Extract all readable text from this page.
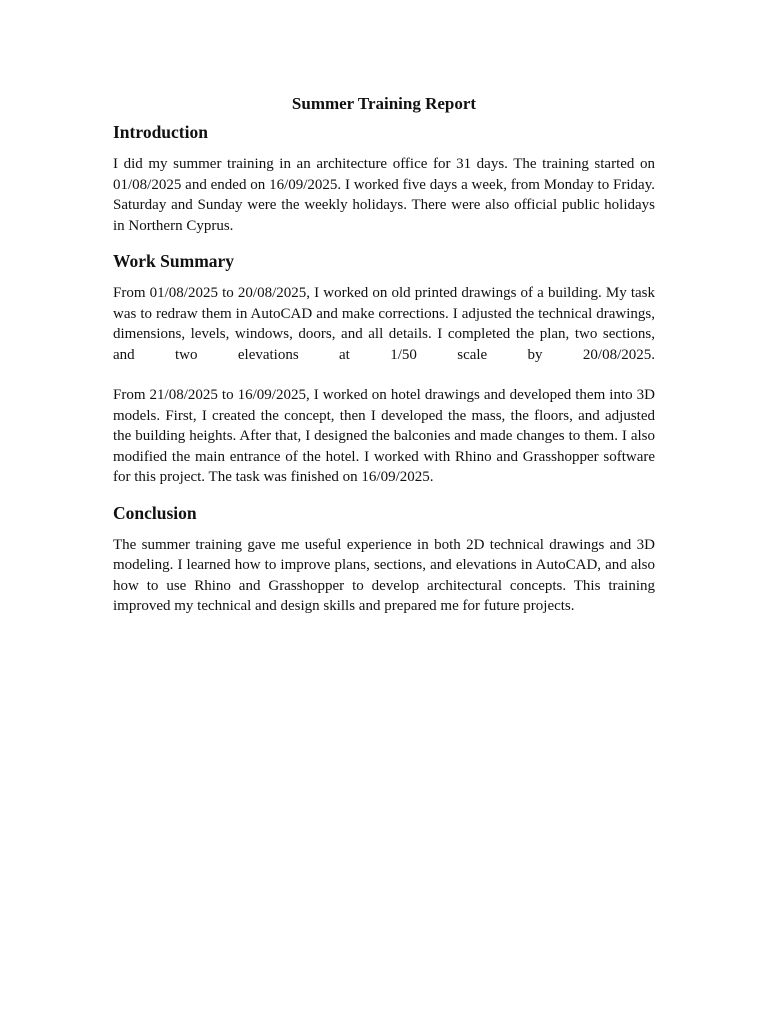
Summer Training Report
Introduction

I did my summer training in an architecture office for 31 days. The training started on 01/08/2025 and ended on 16/09/2025. I worked five days a week, from Monday to Friday. Saturday and Sunday were the weekly holidays. There were also official public holidays in Northern Cyprus.

Work Summary

From 01/08/2025 to 20/08/2025, I worked on old printed drawings of a building. My task was to redraw them in AutoCAD and make corrections. I adjusted the technical drawings, dimensions, levels, windows, doors, and all details. I completed the plan, two sections, and two elevations at 1/50 scale by 20/08/2025.

From 21/08/2025 to 16/09/2025, I worked on hotel drawings and developed them into 3D models. First, I created the concept, then I developed the mass, the floors, and adjusted the building heights. After that, I designed the balconies and made changes to them. I also modified the main entrance of the hotel. I worked with Rhino and Grasshopper software for this project. The task was finished on 16/09/2025.

Conclusion

The summer training gave me useful experience in both 2D technical drawings and 3D modeling. I learned how to improve plans, sections, and elevations in AutoCAD, and also how to use Rhino and Grasshopper to develop architectural concepts. This training improved my technical and design skills and prepared me for future projects.
